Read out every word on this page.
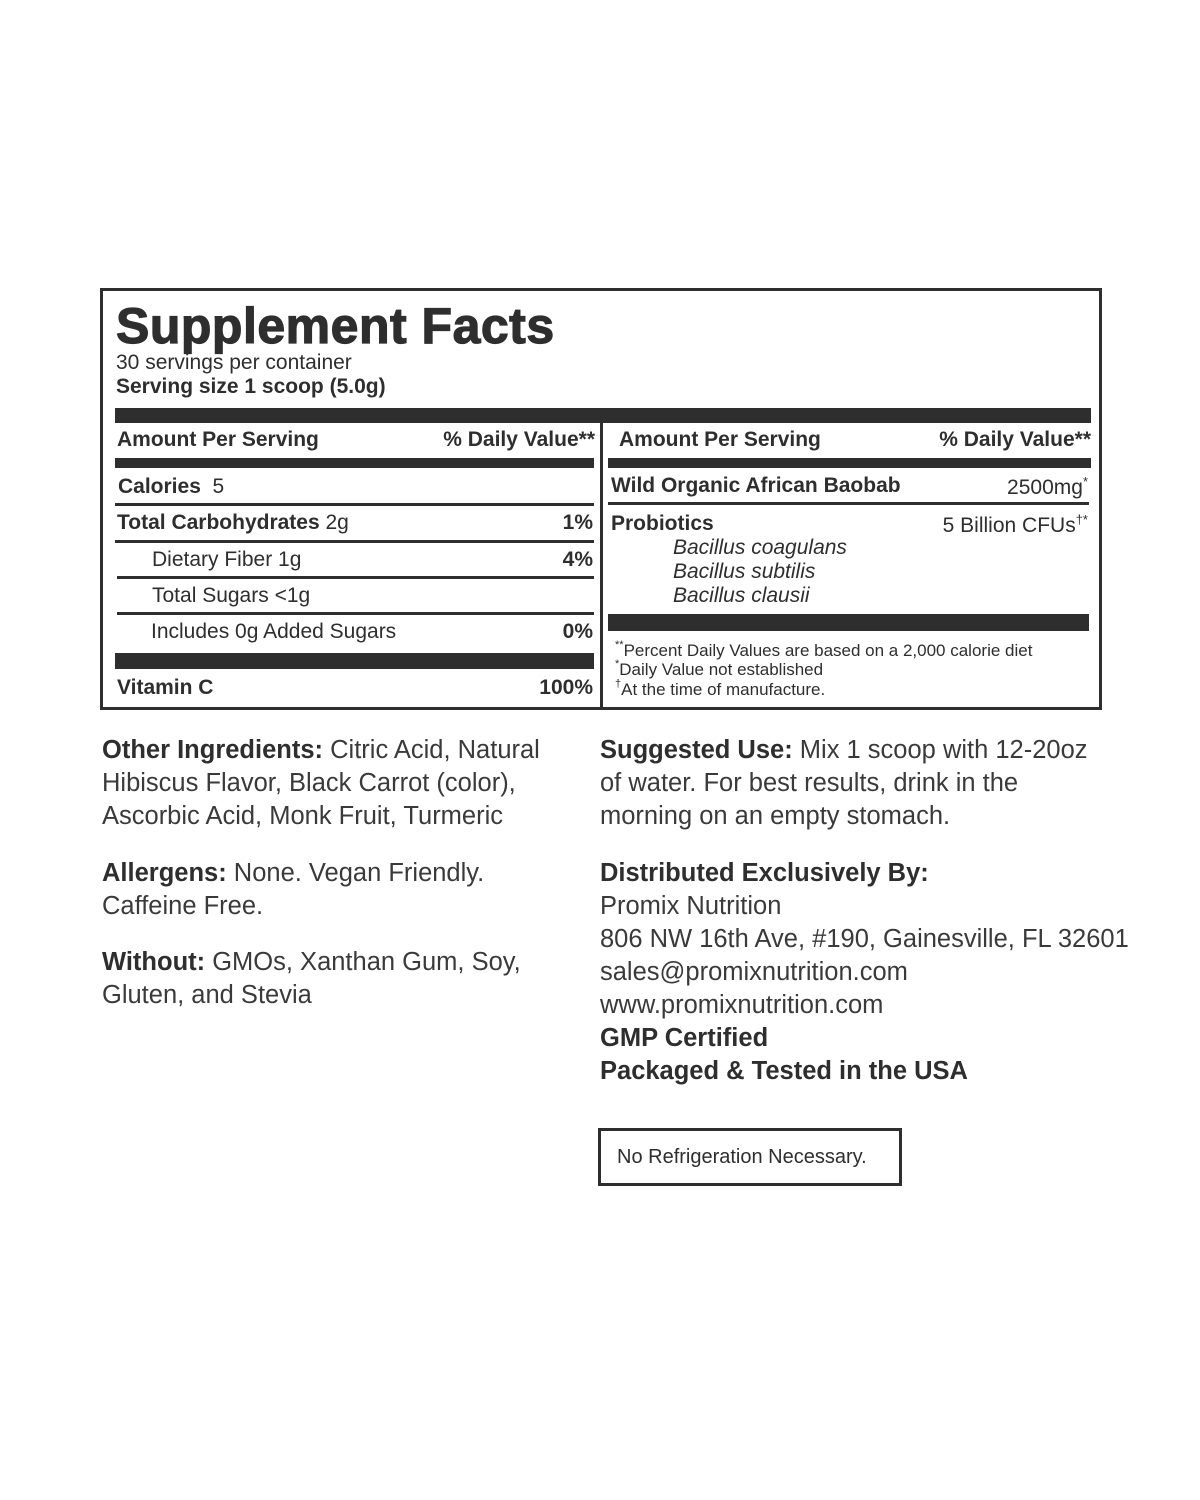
Supplement Facts
30 servings per container
Serving size 1 scoop (5.0g)
Amount Per Serving	% Daily Value**
Calories 5
Total Carbohydrates 2g	1%
Dietary Fiber 1g	4%
Total Sugars <1g
Includes 0g Added Sugars	0%
Vitamin C	100%
Amount Per Serving	% Daily Value**
Wild Organic African Baobab	2500mg*
Probiotics	5 Billion CFUs†*
Bacillus coagulans
Bacillus subtilis
Bacillus clausii
**Percent Daily Values are based on a 2,000 calorie diet
*Daily Value not established
†At the time of manufacture.
Other Ingredients: Citric Acid, Natural
Hibiscus Flavor, Black Carrot (color),
Ascorbic Acid, Monk Fruit, Turmeric
Allergens: None. Vegan Friendly.
Caffeine Free.
Without: GMOs, Xanthan Gum, Soy,
Gluten, and Stevia
Suggested Use: Mix 1 scoop with 12-20oz
of water. For best results, drink in the
morning on an empty stomach.
Distributed Exclusively By:
Promix Nutrition
806 NW 16th Ave, #190, Gainesville, FL 32601
sales@promixnutrition.com
www.promixnutrition.com
GMP Certified
Packaged & Tested in the USA
No Refrigeration Necessary.
